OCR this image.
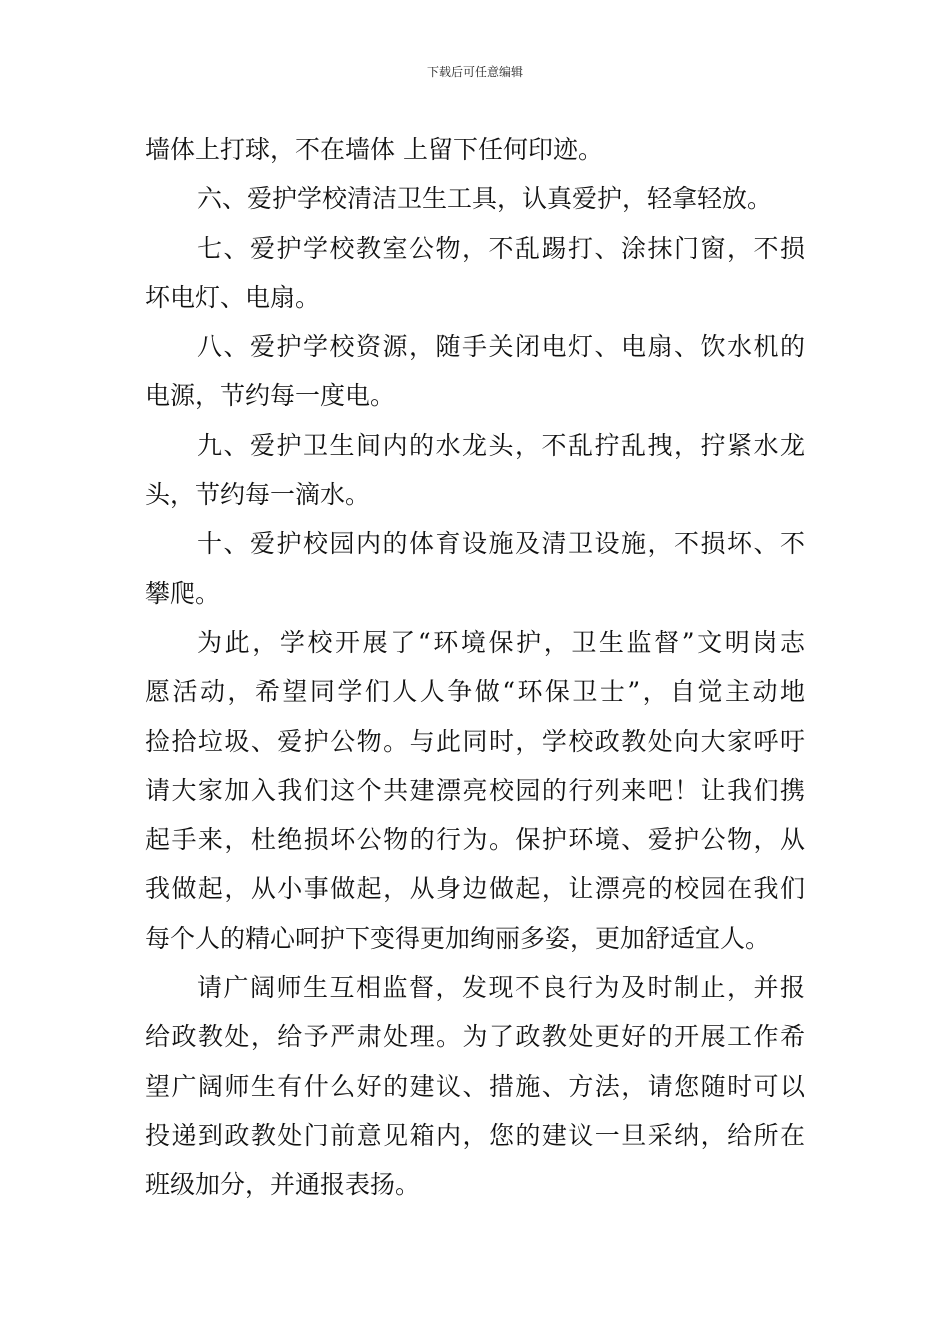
下载后可任意编辑
墙体上打球，不在墙体 上留下任何印迹。
六、爱护学校清洁卫生工具，认真爱护，轻拿轻放。
七、爱护学校教室公物，不乱踢打、涂抹门窗，不损
坏电灯、电扇。
八、爱护学校资源，随手关闭电灯、电扇、饮水机的
电源，节约每一度电。
九、爱护卫生间内的水龙头，不乱拧乱拽，拧紧水龙
头，节约每一滴水。
十、爱护校园内的体育设施及清卫设施，不损坏、不
攀爬。
为此，学校开展了“环境保护，卫生监督”文明岗志
愿活动，希望同学们人人争做“环保卫士”，自觉主动地
捡拾垃圾、爱护公物。与此同时，学校政教处向大家呼吁
请大家加入我们这个共建漂亮校园的行列来吧！让我们携
起手来，杜绝损坏公物的行为。保护环境、爱护公物，从
我做起，从小事做起，从身边做起，让漂亮的校园在我们
每个人的精心呵护下变得更加绚丽多姿，更加舒适宜人。
请广阔师生互相监督，发现不良行为及时制止，并报
给政教处，给予严肃处理。为了政教处更好的开展工作希
望广阔师生有什么好的建议、措施、方法，请您随时可以
投递到政教处门前意见箱内，您的建议一旦采纳，给所在
班级加分，并通报表扬。
